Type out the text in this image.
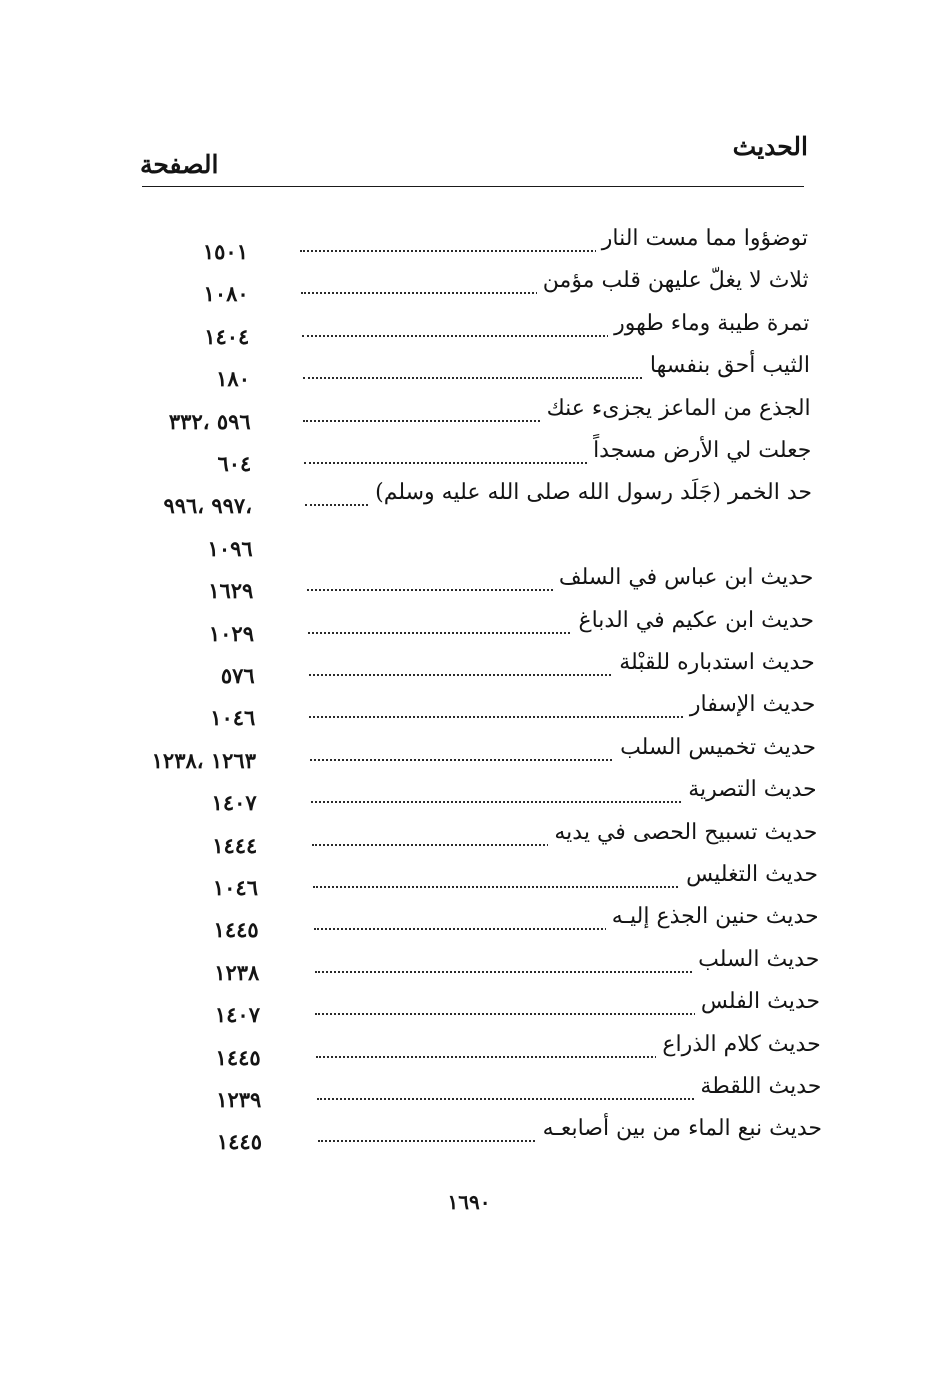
الحديث
الصفحة
توضؤوا مما مست النار
١٥٠١
ثلاث لا يغلّ عليهن قلب مؤمن
١٠٨٠
تمرة طيبة وماء طهور
١٤٠٤
الثيب أحق بنفسها
١٨٠
الجذع من الماعز يجزىء عنك
٥٩٦ ،٣٣٢
جعلت لي الأرض مسجداً
٦٠٤
حد الخمر (جَلَد رسول الله صلى الله عليه وسلم)
،٩٩٧ ،٩٩٦
١٠٩٦
حديث ابن عباس في السلف
١٦٢٩
حديث ابن عكيم في الدباغ
١٠٢٩
حديث استدباره للقبْلة
٥٧٦
حديث الإسفار
١٠٤٦
حديث تخميس السلب
١٢٦٣ ،١٢٣٨
حديث التصرية
١٤٠٧
حديث تسبيح الحصى في يديه
١٤٤٤
حديث التغليس
١٠٤٦
حديث حنين الجذع إليـه
١٤٤٥
حديث السلب
١٢٣٨
حديث الفلس
١٤٠٧
حديث كلام الذراع
١٤٤٥
حديث اللقطة
١٢٣٩
حديث نبع الماء من بين أصابعـه
١٤٤٥
١٦٩٠
